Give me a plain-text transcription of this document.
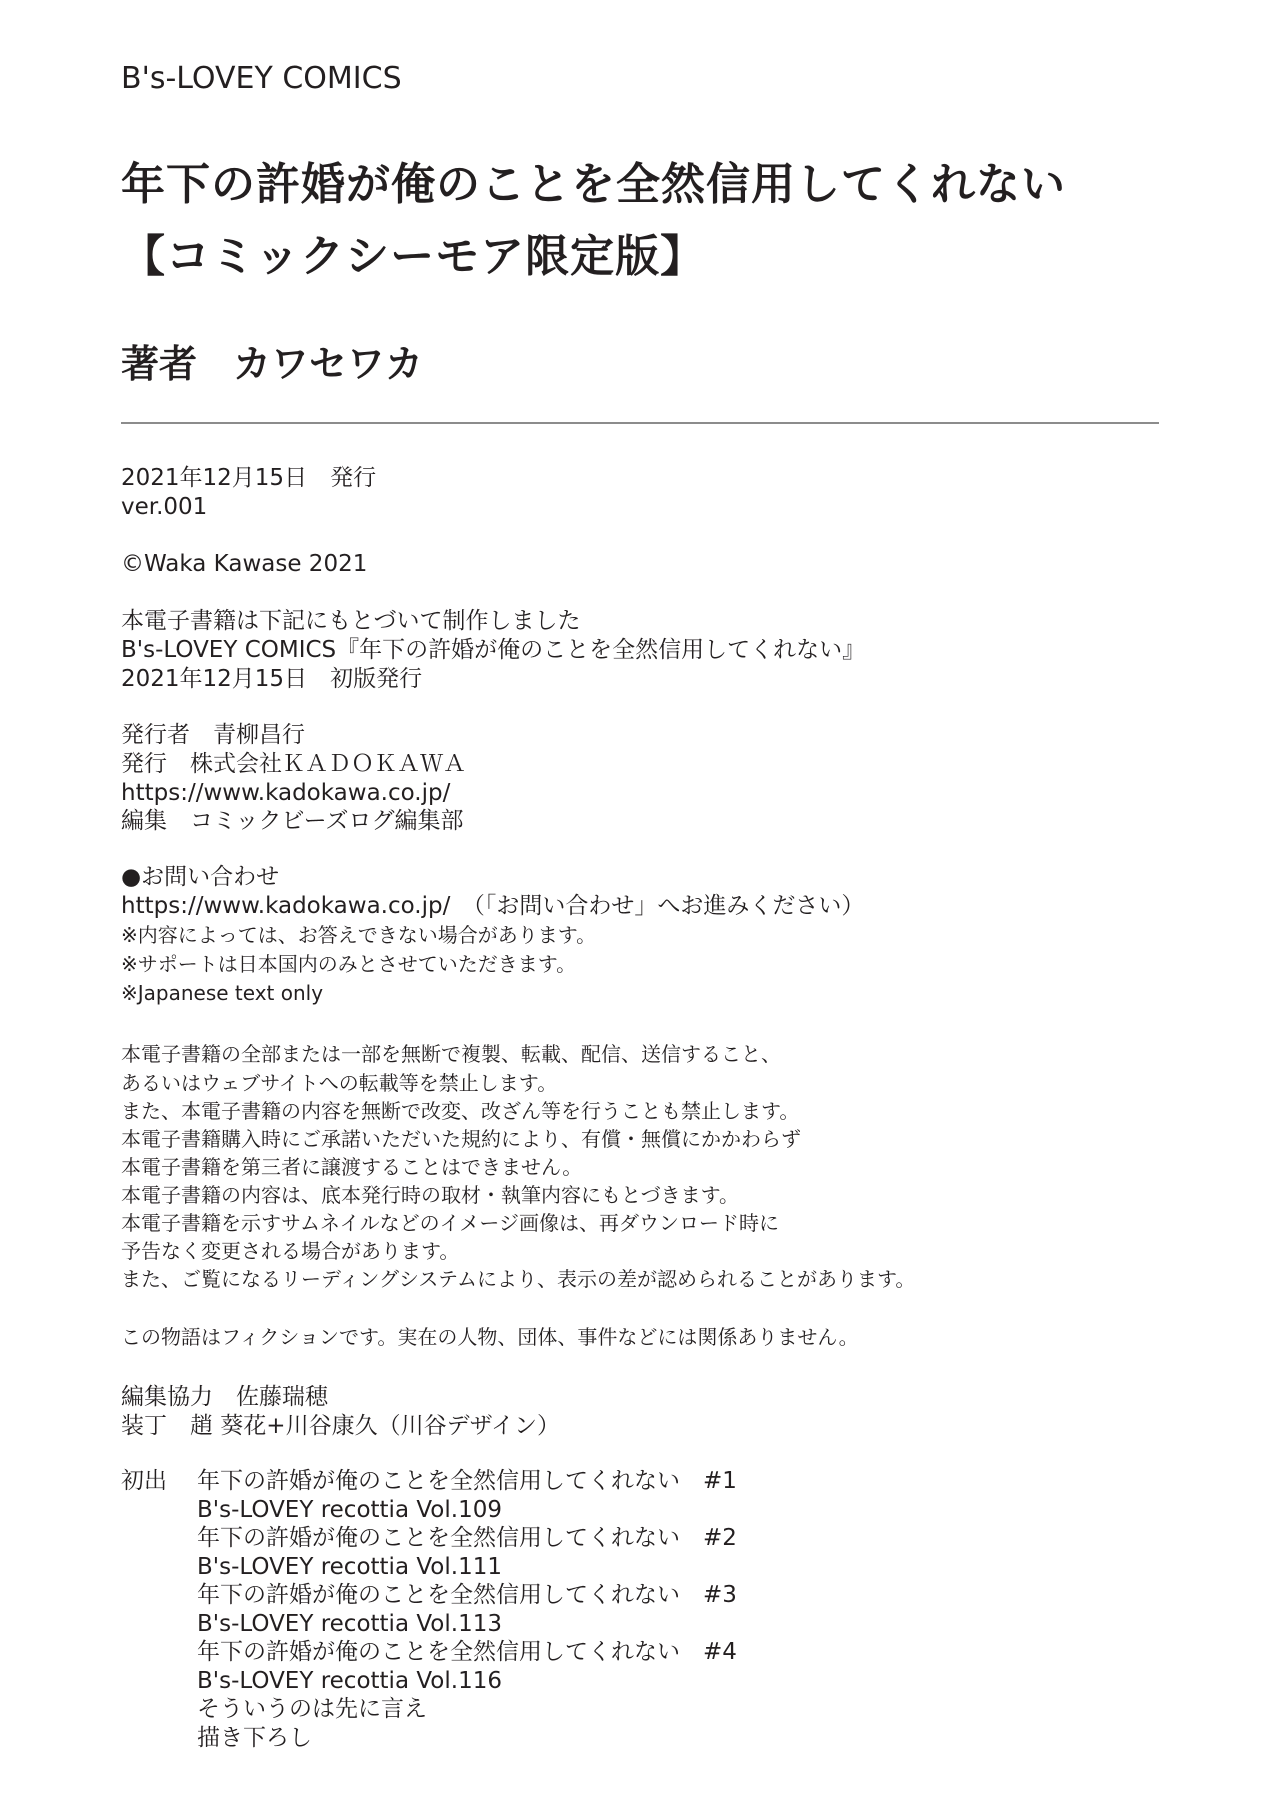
B's-LOVEY COMICS
年下の許婚が俺のことを全然信用してくれない
【コミックシーモア限定版】
著者 カワセワカ
2021年12月15日　発行
ver.001
©Waka Kawase 2021
本電子書籍は下記にもとづいて制作しました
B's-LOVEY COMICS『年下の許婚が俺のことを全然信用してくれない』
2021年12月15日　初版発行
発行者　青柳昌行
発行　株式会社ＫＡＤＯＫＡＷＡ
https://www.kadokawa.co.jp/
編集　コミックビーズログ編集部
●お問い合わせ
https://www.kadokawa.co.jp/　（「お問い合わせ」へお進みください）
※内容によっては、お答えできない場合があります。
※サポートは日本国内のみとさせていただきます。
※Japanese text only
本電子書籍の全部または一部を無断で複製、転載、配信、送信すること、
あるいはウェブサイトへの転載等を禁止します。
また、本電子書籍の内容を無断で改変、改ざん等を行うことも禁止します。
本電子書籍購入時にご承諾いただいた規約により、有償・無償にかかわらず
本電子書籍を第三者に譲渡することはできません。
本電子書籍の内容は、底本発行時の取材・執筆内容にもとづきます。
本電子書籍を示すサムネイルなどのイメージ画像は、再ダウンロード時に
予告なく変更される場合があります。
また、ご覧になるリーディングシステムにより、表示の差が認められることがあります。
この物語はフィクションです。実在の人物、団体、事件などには関係ありません。
編集協力　佐藤瑞穂
装丁　趙 葵花+川谷康久（川谷デザイン）
初出 年下の許婚が俺のことを全然信用してくれない　#1
B's-LOVEY recottia Vol.109
年下の許婚が俺のことを全然信用してくれない　#2
B's-LOVEY recottia Vol.111
年下の許婚が俺のことを全然信用してくれない　#3
B's-LOVEY recottia Vol.113
年下の許婚が俺のことを全然信用してくれない　#4
B's-LOVEY recottia Vol.116
そういうのは先に言え
描き下ろし
